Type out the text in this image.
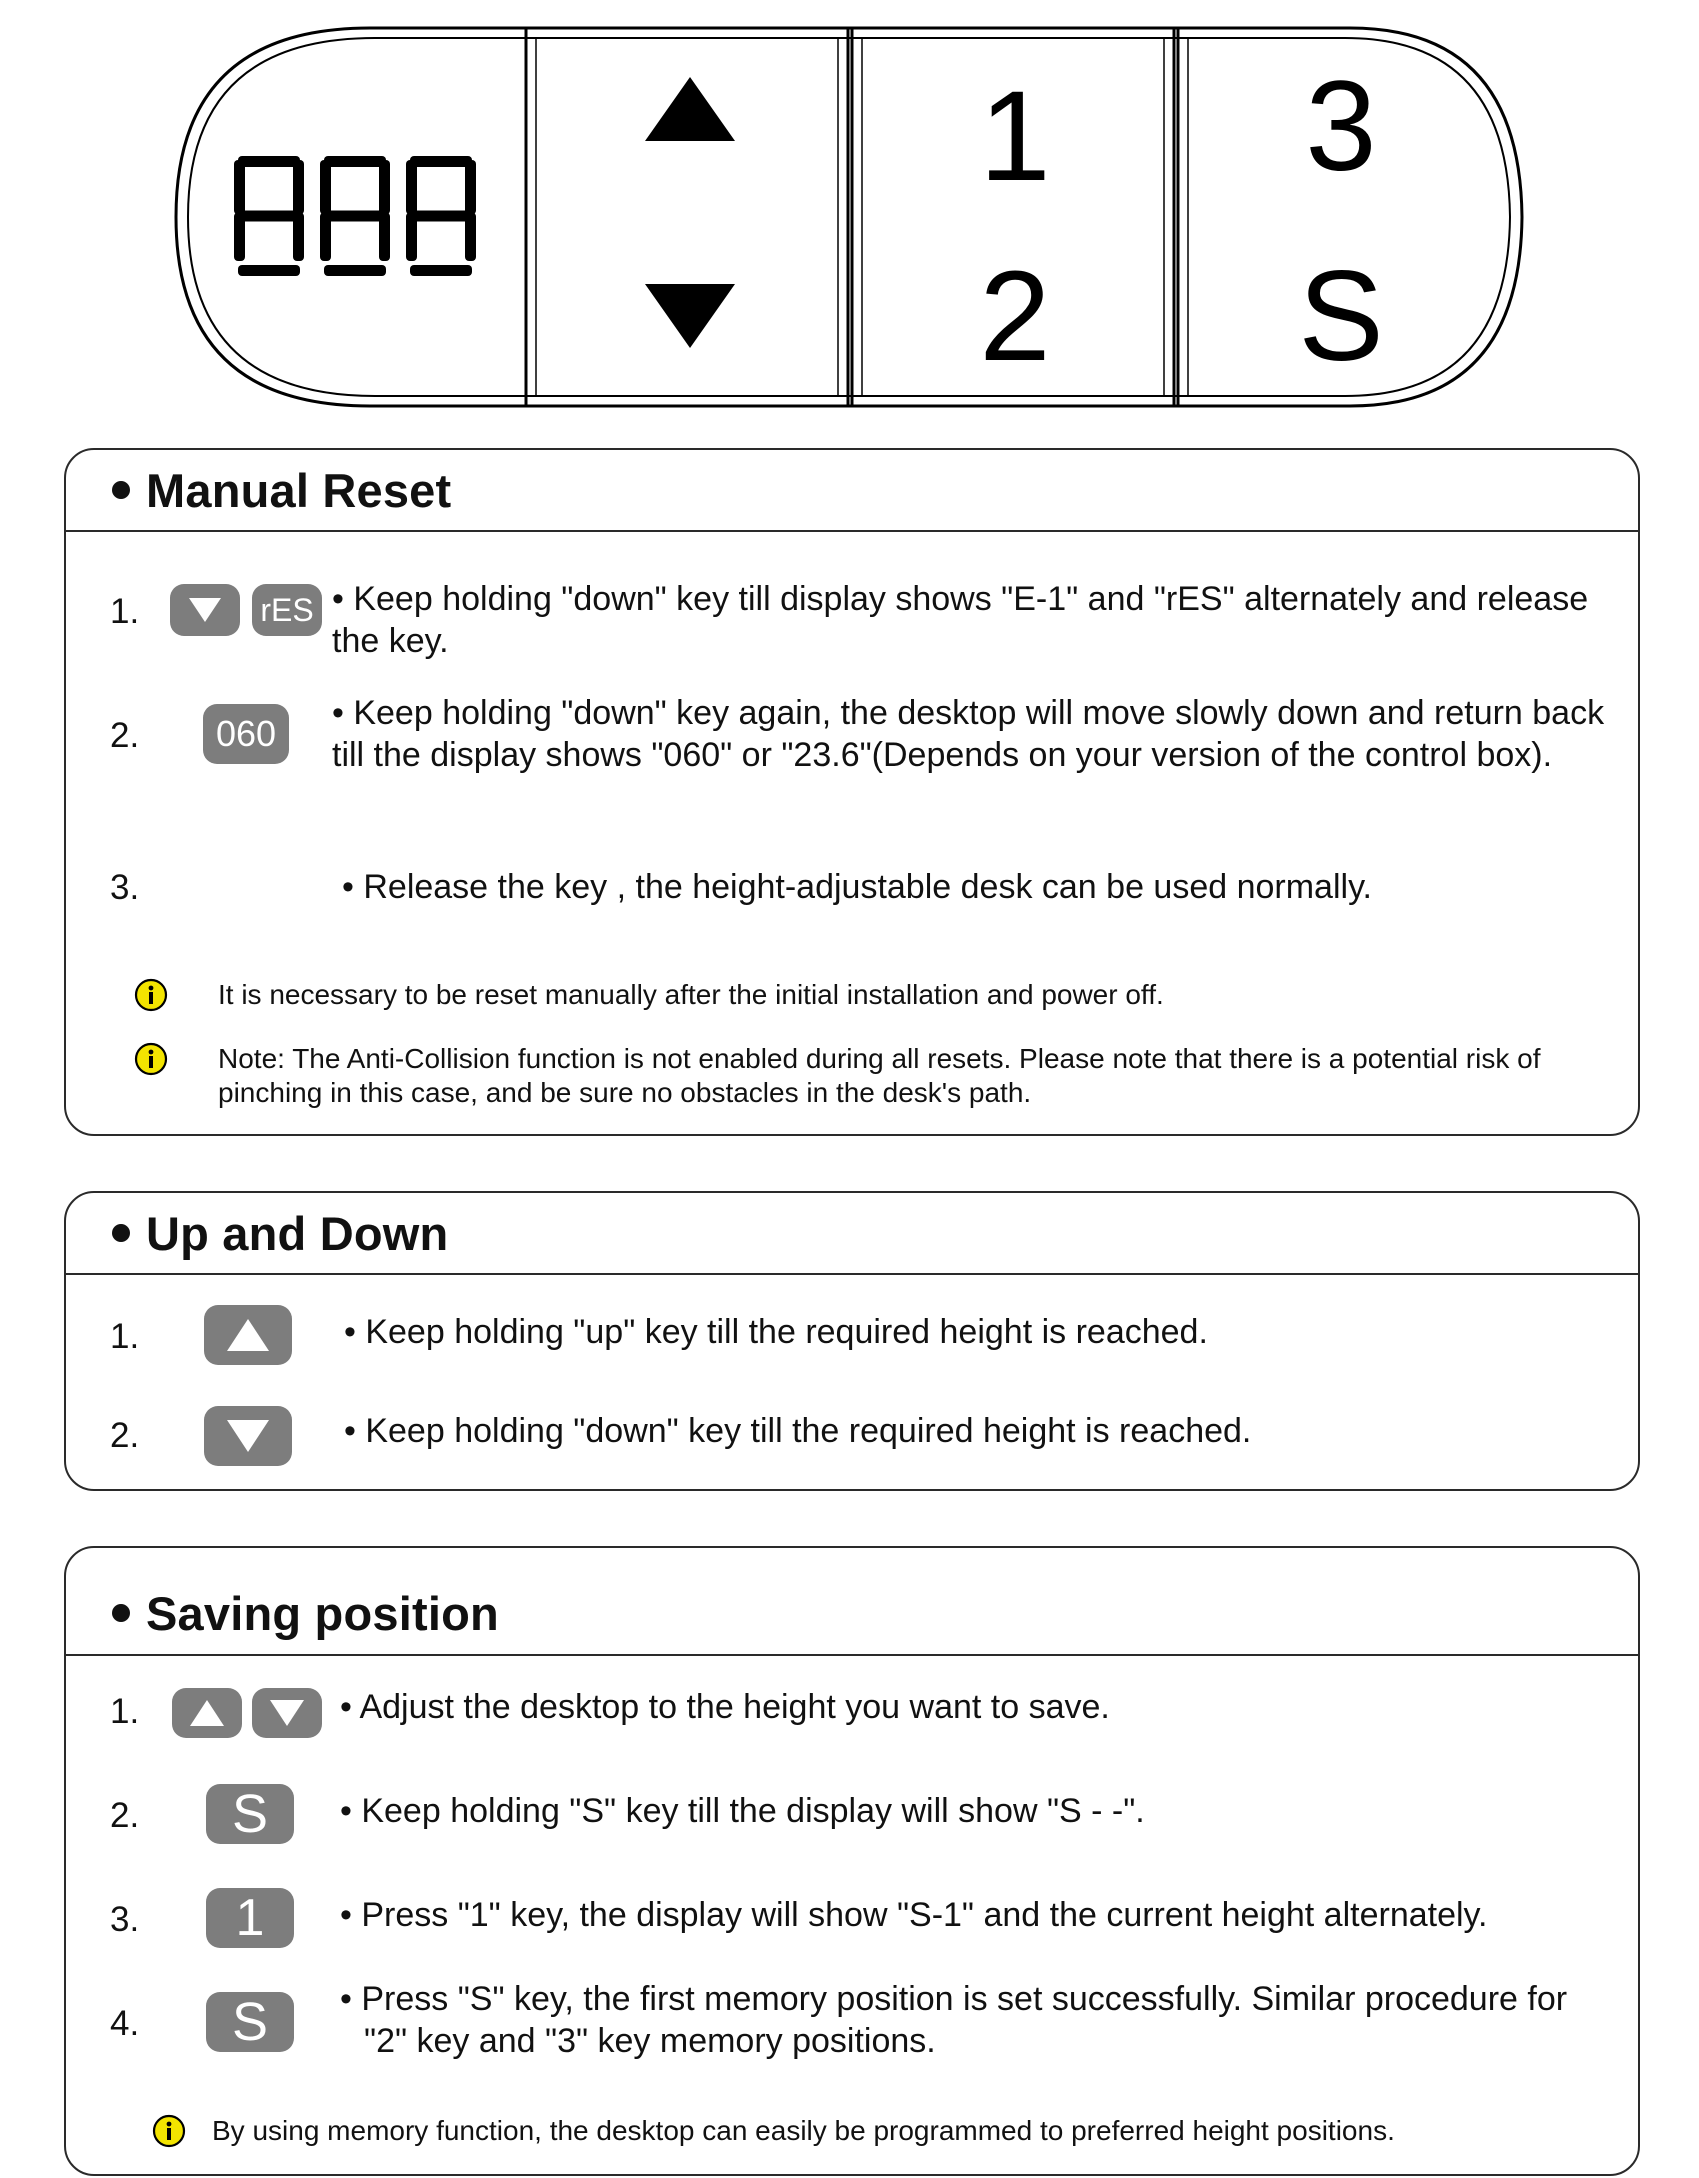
1
2
3
S
Manual Reset
1.	rES • Keep holding "down" key till display shows "E-1" and "rES" alternately and release the key.
2. 060 • Keep holding "down" key again, the desktop will move slowly down and return back till the display shows "060" or "23.6"(Depends on your version of the control box).
3.	• Release the key , the height-adjustable desk can be used normally.
It is necessary to be reset manually after the initial installation and power off.
Note: The Anti-Collision function is not enabled during all resets. Please note that there is a potential risk of pinching in this case, and be sure no obstacles in the desk's path.
Up and Down
1.	• Keep holding "up" key till the required height is reached.
2.	• Keep holding "down" key till the required height is reached.
Saving position
1.	• Adjust the desktop to the height you want to save.
2. S • Keep holding "S" key till the display will show "S - -".
3. 1 • Press "1" key, the display will show "S-1" and the current height alternately.
4. S • Press "S" key, the first memory position is set successfully. Similar procedure for "2" key and "3" key memory positions.
By using memory function, the desktop can easily be programmed to preferred height positions.
